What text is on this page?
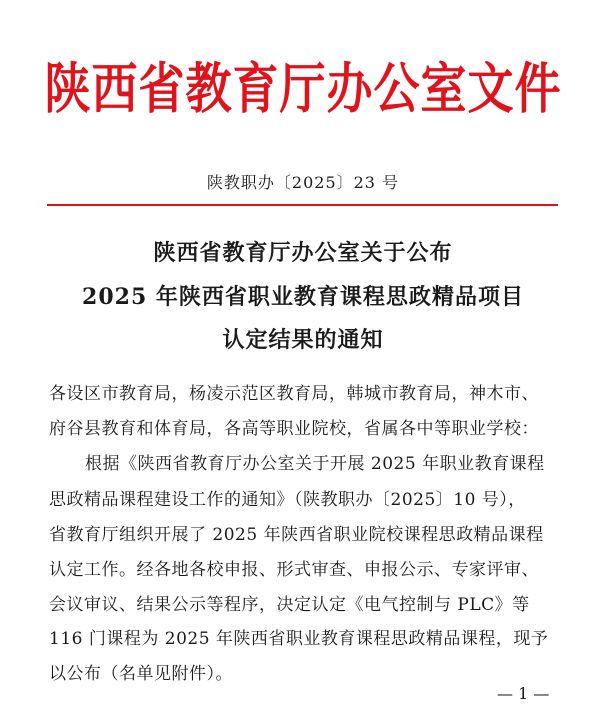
陕西省教育厅办公室文件
陕教职办〔2025〕23 号
陕西省教育厅办公室关于公布
2025 年陕西省职业教育课程思政精品项目
认定结果的通知
各设区市教育局，杨凌示范区教育局，韩城市教育局，神木市、
府谷县教育和体育局，各高等职业院校，省属各中等职业学校：
根据《陕西省教育厅办公室关于开展 2025 年职业教育课程
思政精品课程建设工作的通知》（陕教职办〔2025〕10 号），
省教育厅组织开展了 2025 年陕西省职业院校课程思政精品课程
认定工作。经各地各校申报、形式审查、申报公示、专家评审、
会议审议、结果公示等程序，决定认定《电气控制与 PLC》等
116 门课程为 2025 年陕西省职业教育课程思政精品课程，现予
以公布（名单见附件）。
— 1 —
